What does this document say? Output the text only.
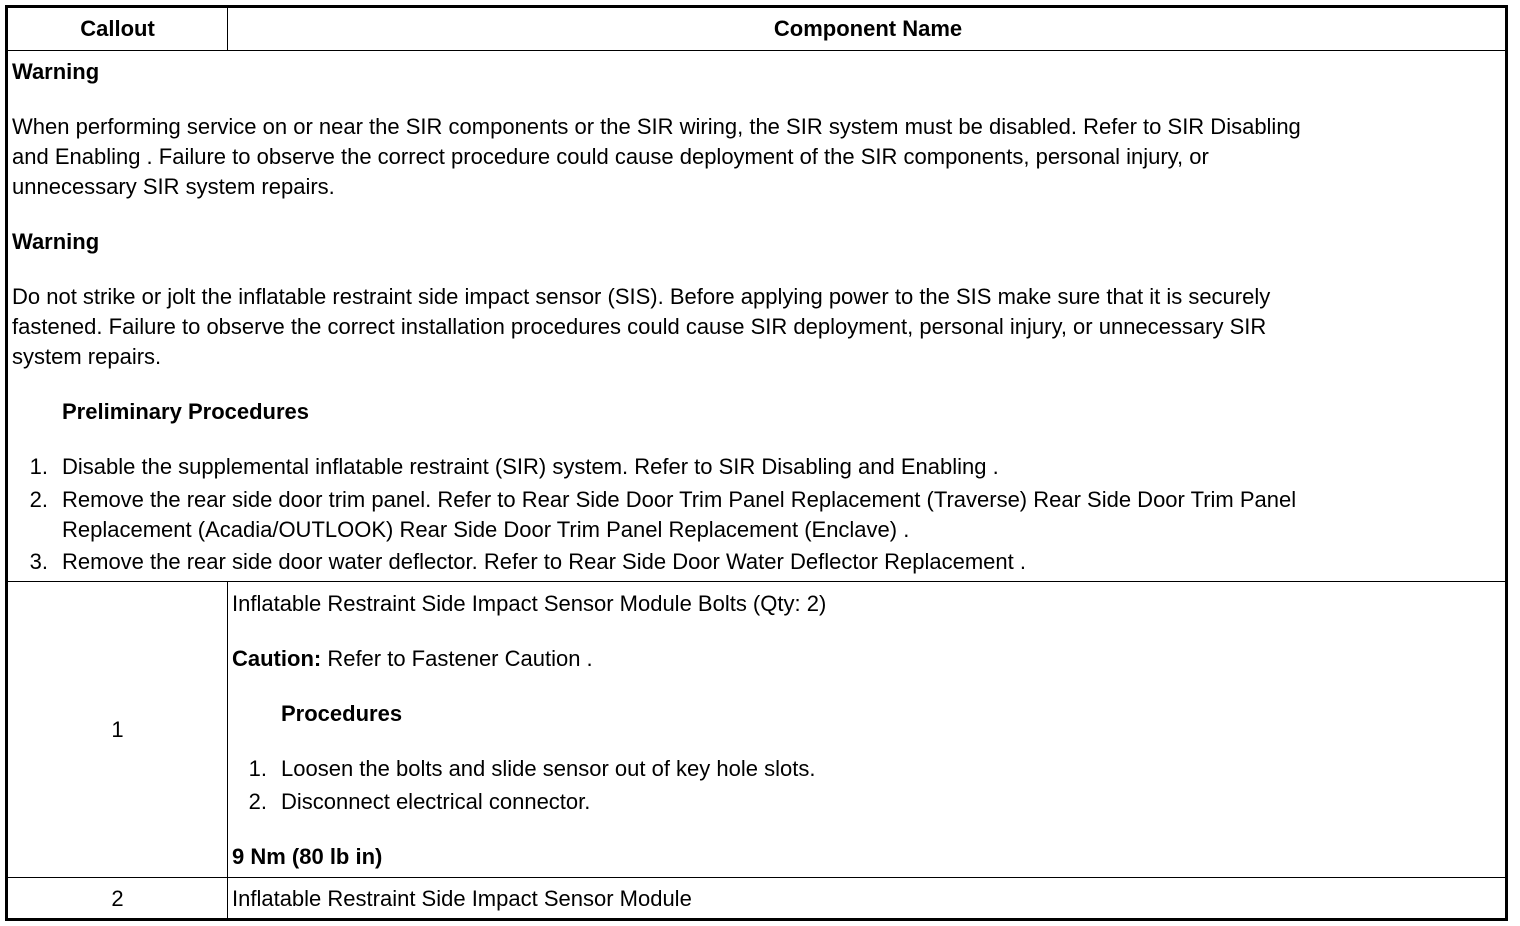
Callout	Component Name
Warning
When performing service on or near the SIR components or the SIR wiring, the SIR system must be disabled. Refer to SIR Disabling
and Enabling . Failure to observe the correct procedure could cause deployment of the SIR components, personal injury, or
unnecessary SIR system repairs.
Warning
Do not strike or jolt the inflatable restraint side impact sensor (SIS). Before applying power to the SIS make sure that it is securely
fastened. Failure to observe the correct installation procedures could cause SIR deployment, personal injury, or unnecessary SIR
system repairs.
Preliminary Procedures
1. Disable the supplemental inflatable restraint (SIR) system. Refer to SIR Disabling and Enabling .
2. Remove the rear side door trim panel. Refer to Rear Side Door Trim Panel Replacement (Traverse) Rear Side Door Trim Panel
Replacement (Acadia/OUTLOOK) Rear Side Door Trim Panel Replacement (Enclave) .
3. Remove the rear side door water deflector. Refer to Rear Side Door Water Deflector Replacement .
1
Inflatable Restraint Side Impact Sensor Module Bolts (Qty: 2)
Caution: Refer to Fastener Caution .
Procedures
1. Loosen the bolts and slide sensor out of key hole slots.
2. Disconnect electrical connector.
9 Nm (80 lb in)
2	Inflatable Restraint Side Impact Sensor Module
